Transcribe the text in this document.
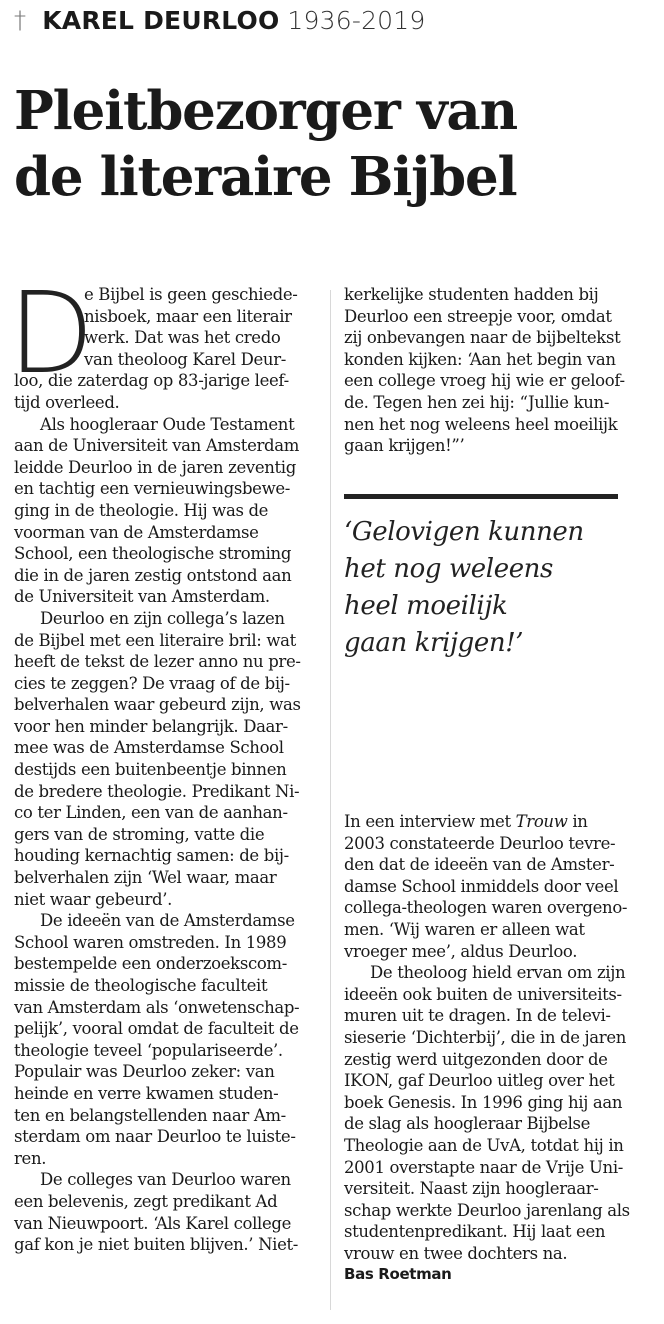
† KAREL DEURLOO 1936-2019
Pleitbezorger van
de literaire Bijbel
D
e Bijbel is geen geschiede-
nisboek, maar een literair
werk. Dat was het credo
van theoloog Karel Deur-
loo, die zaterdag op 83-jarige leef-
tijd overleed.
Als hoogleraar Oude Testament
aan de Universiteit van Amsterdam
leidde Deurloo in de jaren zeventig
en tachtig een vernieuwingsbewe-
ging in de theologie. Hij was de
voorman van de Amsterdamse
School, een theologische stroming
die in de jaren zestig ontstond aan
de Universiteit van Amsterdam.
Deurloo en zijn collega’s lazen
de Bijbel met een literaire bril: wat
heeft de tekst de lezer anno nu pre-
cies te zeggen? De vraag of de bij-
belverhalen waar gebeurd zijn, was
voor hen minder belangrijk. Daar-
mee was de Amsterdamse School
destijds een buitenbeentje binnen
de bredere theologie. Predikant Ni-
co ter Linden, een van de aanhan-
gers van de stroming, vatte die
houding kernachtig samen: de bij-
belverhalen zijn ‘Wel waar, maar
niet waar gebeurd’.
De ideeën van de Amsterdamse
School waren omstreden. In 1989
bestempelde een onderzoekscom-
missie de theologische faculteit
van Amsterdam als ‘onwetenschap-
pelijk’, vooral omdat de faculteit de
theologie teveel ‘populariseerde’.
Populair was Deurloo zeker: van
heinde en verre kwamen studen-
ten en belangstellenden naar Am-
sterdam om naar Deurloo te luiste-
ren.
De colleges van Deurloo waren
een belevenis, zegt predikant Ad
van Nieuwpoort. ‘Als Karel college
gaf kon je niet buiten blijven.’ Niet-
kerkelijke studenten hadden bij
Deurloo een streepje voor, omdat
zij onbevangen naar de bijbeltekst
konden kijken: ‘Aan het begin van
een college vroeg hij wie er geloof-
de. Tegen hen zei hij: “Jullie kun-
nen het nog weleens heel moeilijk
gaan krijgen!”’
‘Gelovigen kunnen
het nog weleens
heel moeilijk
gaan krijgen!’
In een interview met Trouw in
2003 constateerde Deurloo tevre-
den dat de ideeën van de Amster-
damse School inmiddels door veel
collega-theologen waren overgeno-
men. ‘Wij waren er alleen wat
vroeger mee’, aldus Deurloo.
De theoloog hield ervan om zijn
ideeën ook buiten de universiteits-
muren uit te dragen. In de televi-
sieserie ‘Dichterbij’, die in de jaren
zestig werd uitgezonden door de
IKON, gaf Deurloo uitleg over het
boek Genesis. In 1996 ging hij aan
de slag als hoogleraar Bijbelse
Theologie aan de UvA, totdat hij in
2001 overstapte naar de Vrije Uni-
versiteit. Naast zijn hoogleraar-
schap werkte Deurloo jarenlang als
studentenpredikant. Hij laat een
vrouw en twee dochters na.
Bas Roetman
